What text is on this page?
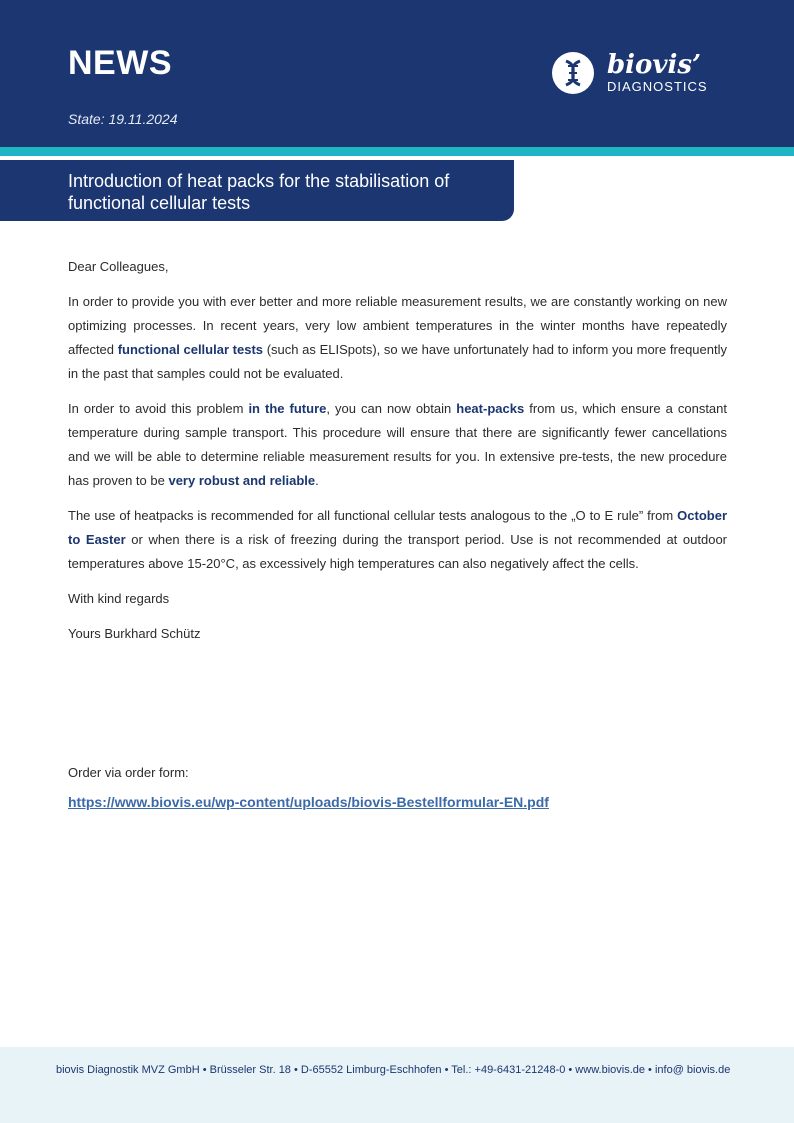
NEWS
State: 19.11.2024
biovis’
DIAGNOSTICS
Introduction of heat packs for the stabilisation of functional cellular tests

Dear Colleagues,

In order to provide you with ever better and more reliable measurement results, we are constantly working on new optimizing processes. In recent years, very low ambient temperatures in the winter months have repeatedly affected functional cellular tests (such as ELISpots), so we have unfortunately had to inform you more frequently in the past that samples could not be evaluated.

In order to avoid this problem in the future, you can now obtain heat-packs from us, which ensure a constant temperature during sample transport. This procedure will ensure that there are significantly fewer cancellations and we will be able to determine reliable measurement results for you. In extensive pre-tests, the new procedure has proven to be very robust and reliable.

The use of heatpacks is recommended for all functional cellular tests analogous to the „O to E rule” from October to Easter or when there is a risk of freezing during the transport period. Use is not recommended at outdoor temperatures above 15-20°C, as excessively high temperatures can also negatively affect the cells.

With kind regards

Yours Burkhard Schütz

Order via order form:
https://www.biovis.eu/wp-content/uploads/biovis-Bestellformular-EN.pdf
biovis Diagnostik MVZ GmbH • Brüsseler Str. 18 • D-65552 Limburg-Eschhofen • Tel.: +49-6431-21248-0 • www.biovis.de • info@ biovis.de
